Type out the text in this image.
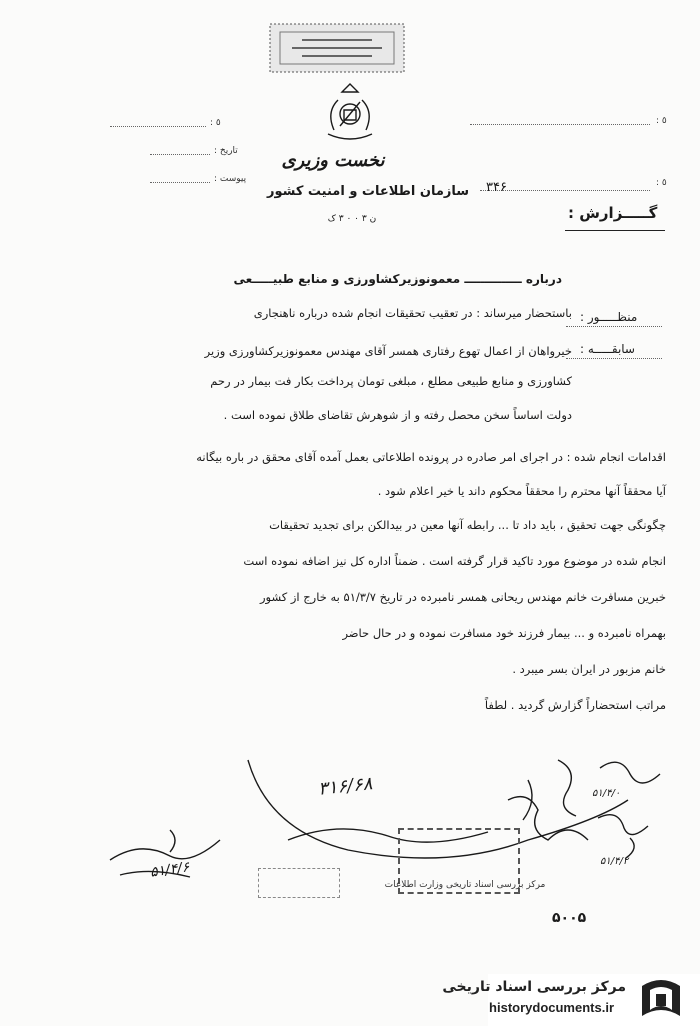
نخست وزیری
سازمان اطلاعات و امنیت کشور
ن ۳ ۰ ۰ ۳ ک
: ٥
تاریخ :
پیوست :
: ٥
۳۴۶	: ٥
گـــــزارش :
درباره ــــــــــــــ معمونوزیرکشاورزی و منابع طبیـــــعی
منظـــــور :
سابقـــــه :
باستحضار میرساند : در تعقیب تحقیقات انجام شده درباره ناهنجاری
خیرواهان از اعمال تهوع رفتاری همسر آقای مهندس معمونوزیرکشاورزی وزیر
کشاورزی و منابع طبیعی مطلع ، مبلغی تومان پرداخت بکار فت بیمار در رحم
دولت اساساً سخن محصل رفته و از شوهرش تقاضای طلاق نموده است .
اقدامات انجام شده : در اجرای امر صادره در پرونده اطلاعاتی بعمل آمده آقای محقق در باره بیگانه
آیا محققاً آنها محترم را محققاً محکوم داند یا خیر اعلام شود .
چگونگی جهت تحقیق ، باید داد تا ... رابطه آنها معین در بیدالکن برای تجدید تحقیقات
انجام شده در موضوع مورد تاکید قرار گرفته است . ضمناً اداره کل نیز اضافه نموده است
خبرین مسافرت خانم مهندس ریحانی همسر نامبرده در تاریخ ۵۱/۳/۷ به خارج از کشور
بهمراه نامبرده و ... بیمار فرزند خود مسافرت نموده و در حال حاضر
خانم مزبور در ایران بسر میبرد .
مراتب استحضاراً گزارش گردید . لطفاً
۳۱۶/۶۸
۵۱/۴/۶
مرکز بررسی اسناد تاریخی وزارت اطلاعات
۵۰۰۵
۵۱/۴/۰
۵۱/۴/۲
مرکز بررسی اسناد تاریخی
historydocuments.ir
